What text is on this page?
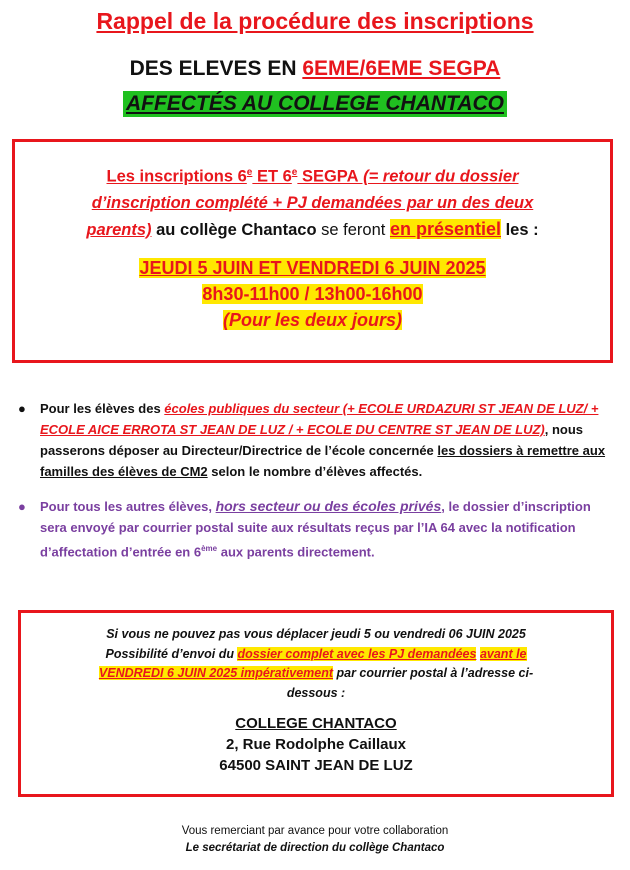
Rappel de la procédure des inscriptions
DES ELEVES EN 6EME/6EME SEGPA
AFFECTÉS AU COLLEGE CHANTACO
Les inscriptions 6e ET 6e SEGPA (= retour du dossier
d’inscription complété + PJ demandées par un des deux
parents) au collège Chantaco se feront en présentiel les :
JEUDI 5 JUIN ET VENDREDI 6 JUIN 2025
8h30-11h00 / 13h00-16h00
(Pour les deux jours)
● Pour les élèves des écoles publiques du secteur (+ ECOLE URDAZURI ST JEAN DE LUZ/ + ECOLE AICE ERROTA ST JEAN DE LUZ / + ECOLE DU CENTRE ST JEAN DE LUZ), nous passerons déposer au Directeur/Directrice de l’école concernée les dossiers à remettre aux familles des élèves de CM2 selon le nombre d’élèves affectés.
● Pour tous les autres élèves, hors secteur ou des écoles privés, le dossier d’inscription sera envoyé par courrier postal suite aux résultats reçus par l’IA 64 avec la notification d’affectation d’entrée en 6ème aux parents directement.
Si vous ne pouvez pas vous déplacer jeudi 5 ou vendredi 06 JUIN 2025
Possibilité d’envoi du dossier complet avec les PJ demandées avant le
VENDREDI 6 JUIN 2025 impérativement par courrier postal à l’adresse ci-
dessous :
COLLEGE CHANTACO
2, Rue Rodolphe Caillaux
64500 SAINT JEAN DE LUZ
Vous remerciant par avance pour votre collaboration
Le secrétariat de direction du collège Chantaco
